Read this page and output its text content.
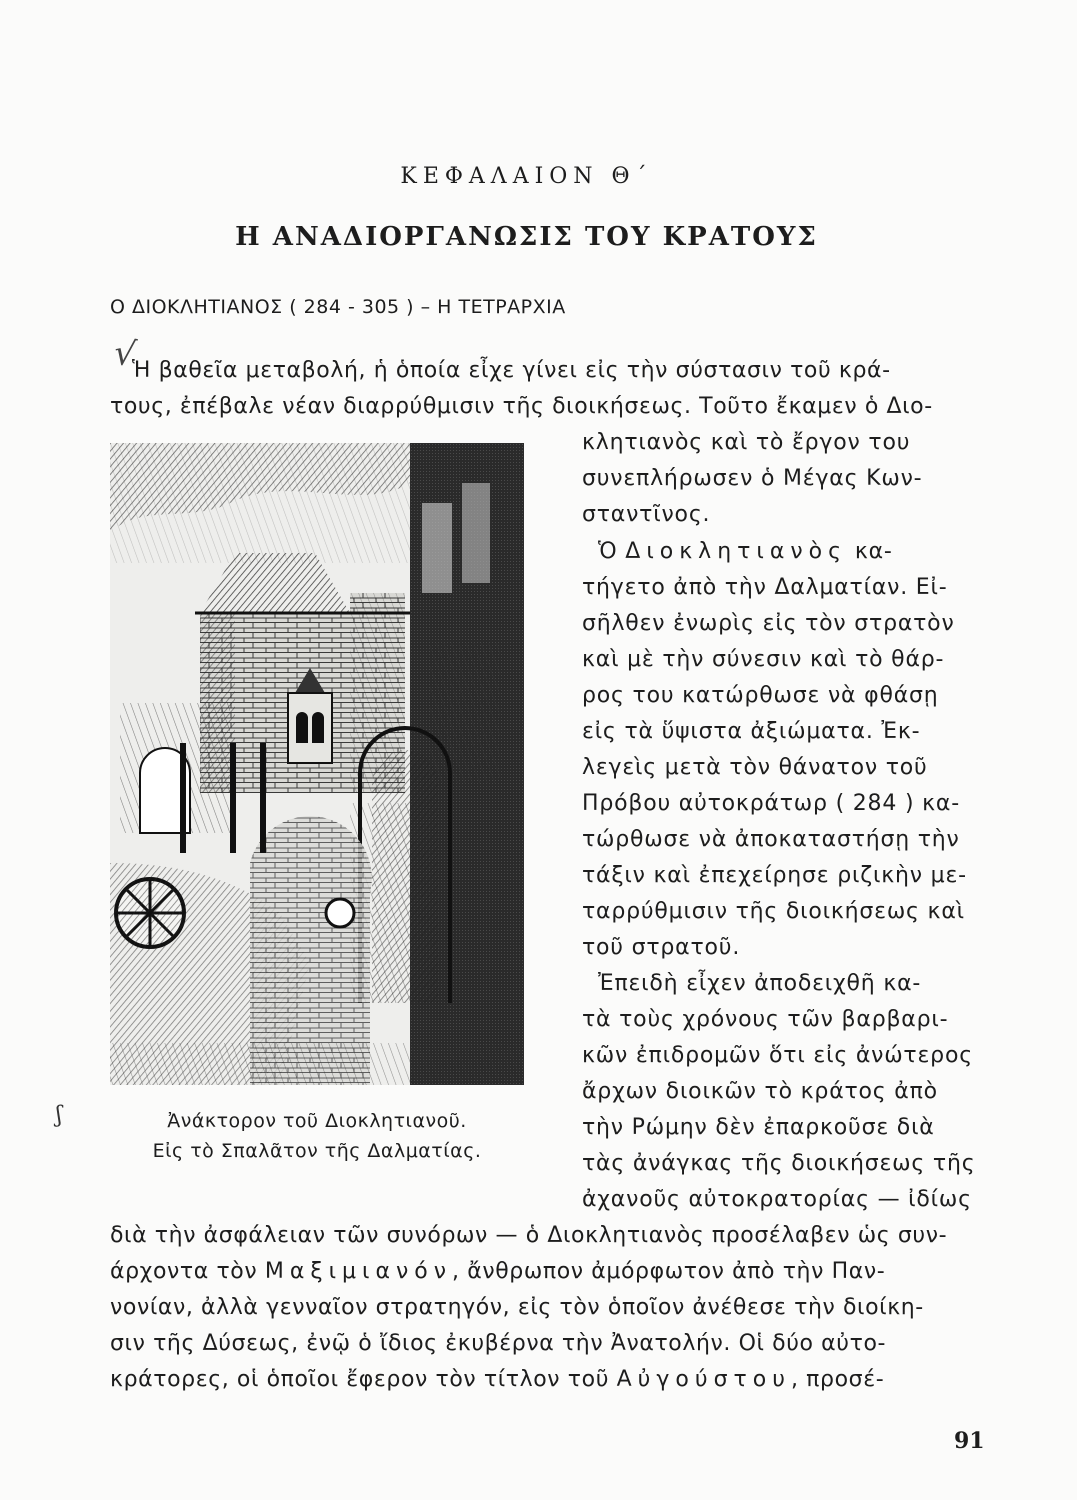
ΚΕΦΑΛΑΙΟΝ Θ΄
Η ΑΝΑΔΙΟΡΓΑΝΩΣΙΣ ΤΟΥ ΚΡΑΤΟΥΣ
Ο ΔΙΟΚΛΗΤΙΑΝΟΣ ( 284 - 305 ) – Η ΤΕΤΡΑΡΧΙΑ
√
Ἡ βαθεῖα μεταβολή, ἡ ὁποία εἶχε γίνει εἰς τὴν σύστασιν τοῦ κρά-
τους, ἐπέβαλε νέαν διαρρύθμισιν τῆς διοικήσεως. Τοῦτο ἔκαμεν ὁ Διο-
κλητιανὸς καὶ τὸ ἔργον του
συνεπλήρωσεν ὁ Μέγας Κων-
σταντῖνος.
Ὁ Διοκλητιανὸς κα-
τήγετο ἀπὸ τὴν Δαλματίαν. Εἰ-
σῆλθεν ἐνωρὶς εἰς τὸν στρατὸν
καὶ μὲ τὴν σύνεσιν καὶ τὸ θάρ-
ρος του κατώρθωσε νὰ φθάσῃ
εἰς τὰ ὕψιστα ἀξιώματα. Ἐκ-
λεγεὶς μετὰ τὸν θάνατον τοῦ
Πρόβου αὐτοκράτωρ ( 284 ) κα-
τώρθωσε νὰ ἀποκαταστήσῃ τὴν
τάξιν καὶ ἐπεχείρησε ριζικὴν με-
ταρρύθμισιν τῆς διοικήσεως καὶ
τοῦ στρατοῦ.
Ἐπειδὴ εἶχεν ἀποδειχθῆ κα-
τὰ τοὺς χρόνους τῶν βαρβαρι-
κῶν ἐπιδρομῶν ὅτι εἰς ἀνώτερος
ἄρχων διοικῶν τὸ κράτος ἀπὸ
τὴν Ρώμην δὲν ἐπαρκοῦσε διὰ
τὰς ἀνάγκας τῆς διοικήσεως τῆς
ἀχανοῦς αὐτοκρατορίας — ἰδίως
Ἀνάκτορον τοῦ Διοκλητιανοῦ.
Εἰς τὸ Σπαλᾶτον τῆς Δαλματίας.
ʃ
διὰ τὴν ἀσφάλειαν τῶν συνόρων — ὁ Διοκλητιανὸς προσέλαβεν ὡς συν-
άρχοντα τὸν Μαξιμιανόν, ἄνθρωπον ἀμόρφωτον ἀπὸ τὴν Παν-
νονίαν, ἀλλὰ γενναῖον στρατηγόν, εἰς τὸν ὁποῖον ἀνέθεσε τὴν διοίκη-
σιν τῆς Δύσεως, ἐνῷ ὁ ἴδιος ἐκυβέρνα τὴν Ἀνατολήν. Οἱ δύο αὐτο-
κράτορες, οἱ ὁποῖοι ἔφερον τὸν τίτλον τοῦ Αὐγούστου, προσέ-
91
